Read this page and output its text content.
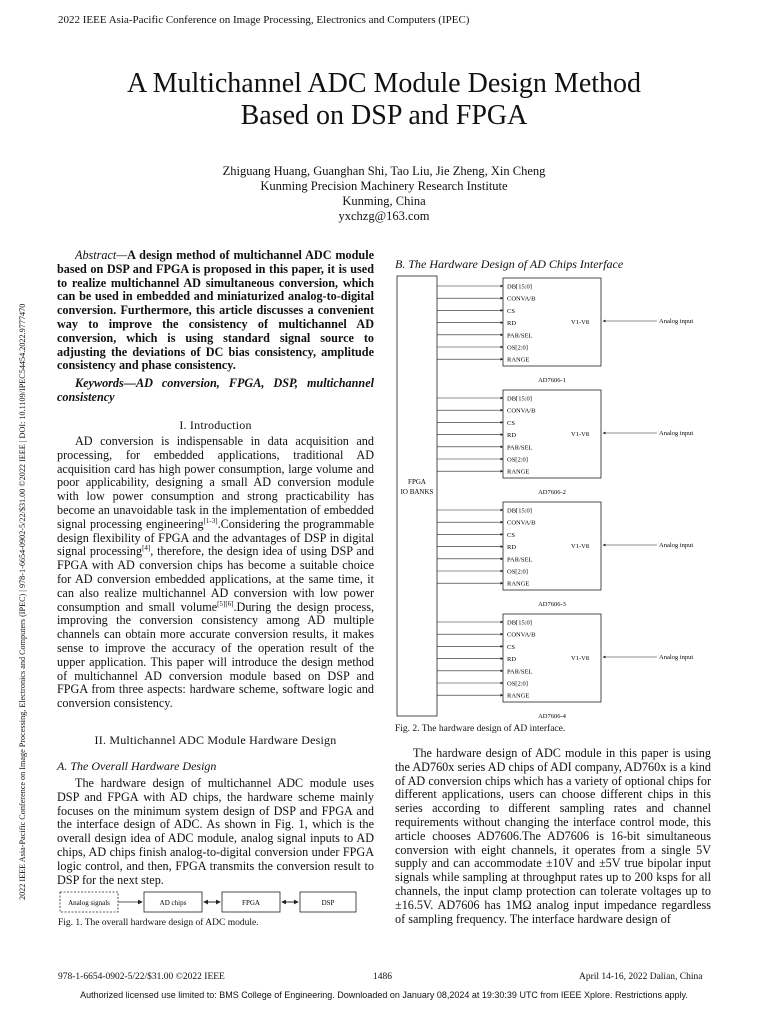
2022 IEEE Asia-Pacific Conference on Image Processing, Electronics and Computers (IPEC)
A Multichannel ADC Module Design Method
Based on DSP and FPGA
Zhiguang Huang, Guanghan Shi, Tao Liu, Jie Zheng, Xin Cheng
Kunming Precision Machinery Research Institute
Kunming, China
yxchzg@163.com
2022 IEEE Asia-Pacific Conference on Image Processing, Electronics and Computers (IPEC) | 978-1-6654-0902-5/22/$31.00 ©2022 IEEE | DOI: 10.1109/IPEC54454.2022.9777470

Abstract—A design method of multichannel ADC module based on DSP and FPGA is proposed in this paper, it is used to realize multichannel AD simultaneous conversion, which can be used in embedded and miniaturized analog-to-digital conversion. Furthermore, this article discusses a convenient way to improve the consistency of multichannel AD conversion, which is using standard signal source to adjusting the deviations of DC bias consistency, amplitude consistency and phase consistency.

Keywords—AD conversion, FPGA, DSP, multichannel consistency

I. Introduction

AD conversion is indispensable in data acquisition and processing, for embedded applications, traditional AD acquisition card has high power consumption, large volume and poor applicability, designing a small AD conversion module with low power consumption and strong practicability has become an unavoidable task in the implementation of embedded signal processing engineering[1-3].Considering the programmable design flexibility of FPGA and the advantages of DSP in digital signal processing[4], therefore, the design idea of using DSP and FPGA with AD conversion chips has become a suitable choice for AD conversion embedded applications, at the same time, it can also realize multichannel AD conversion with low power consumption and small volume[5][6].During the design process, improving the conversion consistency among AD multiple channels can obtain more accurate conversion results, it makes sense to improve the accuracy of the operation result of the upper application. This paper will introduce the design method of multichannel AD conversion module based on DSP and FPGA from three aspects: hardware scheme, software logic and conversion consistency.

II. Multichannel ADC Module Hardware Design
A. The Overall Hardware Design

The hardware design of multichannel ADC module uses DSP and FPGA with AD chips, the hardware scheme mainly focuses on the minimum system design of DSP and FPGA and the interface design of ADC. As shown in Fig. 1, which is the overall design idea of ADC module, analog signal inputs to AD chips, AD chips finish analog-to-digital conversion under FPGA logic control, and then, FPGA transmits the conversion result to DSP for the next step.

Analog signals	AD chips	FPGA	DSP
Fig. 1. The overall hardware design of ADC module.
B. The Hardware Design of AD Chips Interface
FPGA
IO BANKS
DB[15:0]
CONVA/B
CS
RD
PAR/SEL
OS[2:0]
RANGE
V1-V8	Analog input
AD7606-1
DB[15:0]
CONVA/B
CS
RD
PAR/SEL
OS[2:0]
RANGE
V1-V8	Analog input
AD7606-2
DB[15:0]
CONVA/B
CS
RD
PAR/SEL
OS[2:0]
RANGE
V1-V8	Analog input
AD7606-3
DB[15:0]
CONVA/B
CS
RD
PAR/SEL
OS[2:0]
RANGE
V1-V8	Analog input
AD7606-4
Fig. 2. The hardware design of AD interface.

The hardware design of ADC module in this paper is using the AD760x series AD chips of ADI company, AD760x is a kind of AD conversion chips which has a variety of optional chips for different applications, users can choose different chips in this series according to different sampling rates and channel requirements without changing the interface control mode, this article chooses AD7606.The AD7606 is 16-bit simultaneous conversion with eight channels, it operates from a single 5V supply and can accommodate ±10V and ±5V true bipolar input signals while sampling at throughput rates up to 200 ksps for all channels, the input clamp protection can tolerate voltages up to ±16.5V. AD7606 has 1MΩ analog input impedance regardless of sampling frequency. The interface hardware design of

978-1-6654-0902-5/22/$31.00 ©2022 IEEE	1486	April 14-16, 2022 Dalian, China
Authorized licensed use limited to: BMS College of Engineering. Downloaded on January 08,2024 at 19:30:39 UTC from IEEE Xplore. Restrictions apply.
